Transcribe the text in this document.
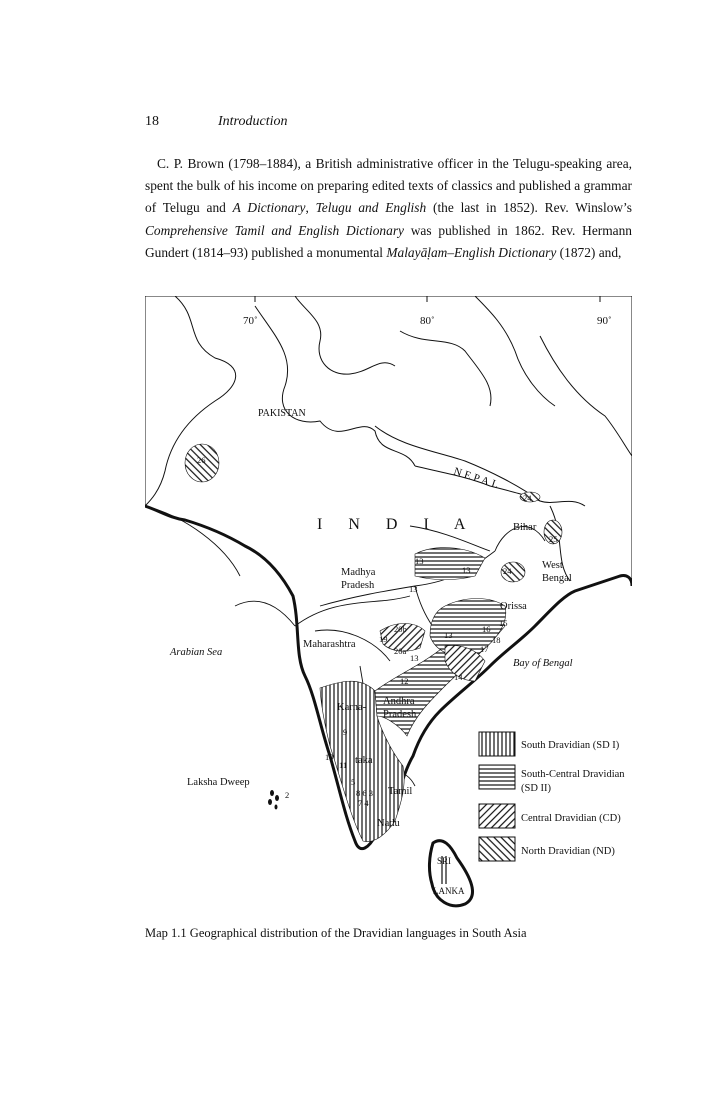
18	Introduction

C. P. Brown (1798–1884), a British administrative officer in the Telugu-speaking area, spent the bulk of his income on preparing edited texts of classics and published a grammar of Telugu and A Dictionary, Telugu and English (the last in 1852). Rev. Winslow’s Comprehensive Tamil and English Dictionary was published in 1862. Rev. Hermann Gundert (1814–93) published a monumental Malayāḷam–English Dictionary (1872) and,

70˚	80˚	90˚
PAKISTAN
NEPAL
I N D I A	Bihar
Madhya
Pradesh
West
Bengal
Orissa
Maharashtra
Arabian Sea
Bay of Bengal
Andhra
Pradesh
Karna-
taka
Tamil
Nadu
Laksha Dweep
SRI
LANKA
26
24
24
25
13
13
13
13
13
20b
19
20a
16
15
18
17
14
12
9
10
11
5
8 6 3
7 4
2
South Dravidian (SD I)
South-Central Dravidian
(SD II)
Central Dravidian (CD)
North Dravidian (ND)
Map 1.1 Geographical distribution of the Dravidian languages in South Asia
